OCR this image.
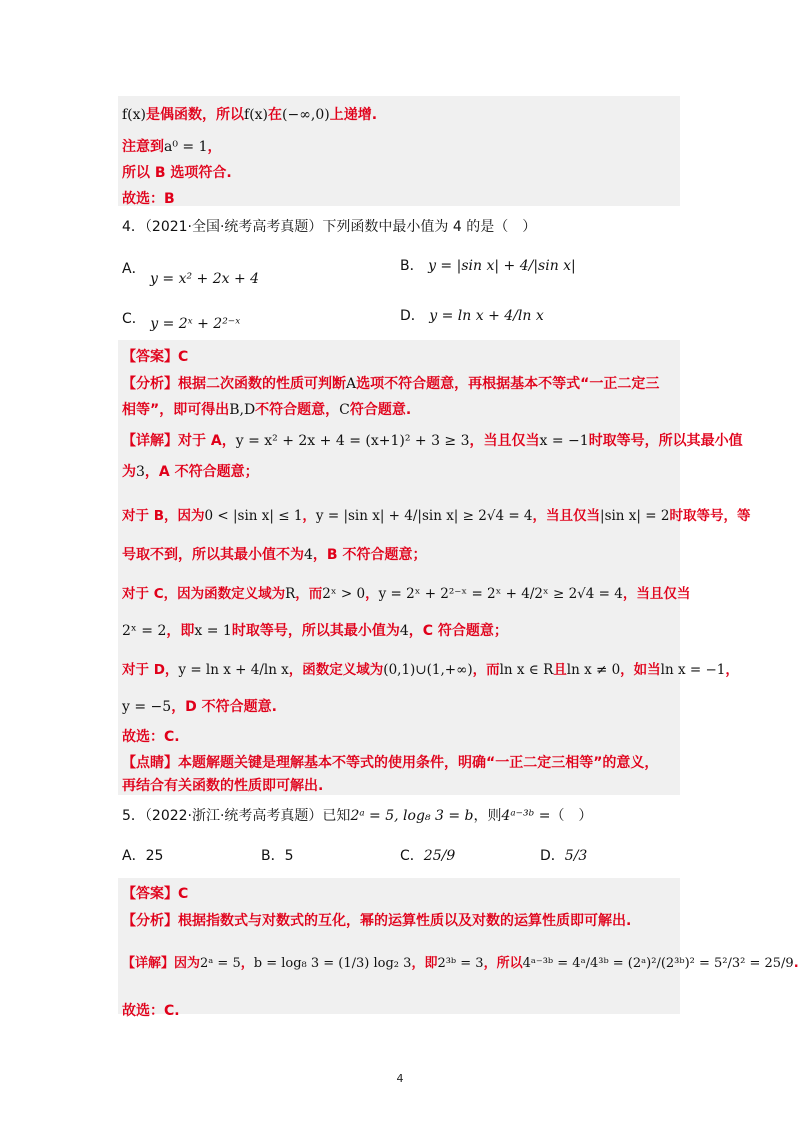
f(x)是偶函数，所以f(x)在(−∞,0)上递增.
注意到a⁰ = 1，
所以 B 选项符合.
故选：B
4．（2021·全国·统考高考真题）下列函数中最小值为 4 的是（　）
A． y = x² + 2x + 4
B． y = |sin x| + 4/|sin x|
C． y = 2ˣ + 2²⁻ˣ	D． y = ln x + 4/ln x
【答案】C
【分析】根据二次函数的性质可判断A选项不符合题意，再根据基本不等式“一正二定三
相等”，即可得出B,D不符合题意，C符合题意.
【详解】对于 A，y = x² + 2x + 4 = (x+1)² + 3 ≥ 3，当且仅当x = −1时取等号，所以其最小值
为3，A 不符合题意；
对于 B，因为0 < |sin x| ≤ 1，y = |sin x| + 4/|sin x| ≥ 2√4 = 4，当且仅当|sin x| = 2时取等号，等
号取不到，所以其最小值不为4，B 不符合题意；
对于 C，因为函数定义域为R，而2ˣ > 0，y = 2ˣ + 2²⁻ˣ = 2ˣ + 4/2ˣ ≥ 2√4 = 4，当且仅当
2ˣ = 2，即x = 1时取等号，所以其最小值为4，C 符合题意；
对于 D，y = ln x + 4/ln x，函数定义域为(0,1)∪(1,+∞)，而ln x ∈ R且ln x ≠ 0，如当ln x = −1，
y = −5，D 不符合题意.
故选：C.
【点睛】本题解题关键是理解基本不等式的使用条件，明确“一正二定三相等”的意义，
再结合有关函数的性质即可解出.
5．（2022·浙江·统考高考真题）已知2ᵃ = 5, log₈ 3 = b，则4ᵃ⁻³ᵇ =（　）
A．25	B．5	C．25/9	D．5/3
【答案】C
【分析】根据指数式与对数式的互化，幂的运算性质以及对数的运算性质即可解出.
【详解】因为2ᵃ = 5，b = log₈ 3 = (1/3) log₂ 3，即2³ᵇ = 3，所以4ᵃ⁻³ᵇ = 4ᵃ/4³ᵇ = (2ᵃ)²/(2³ᵇ)² = 5²/3² = 25/9.
故选：C.
4
